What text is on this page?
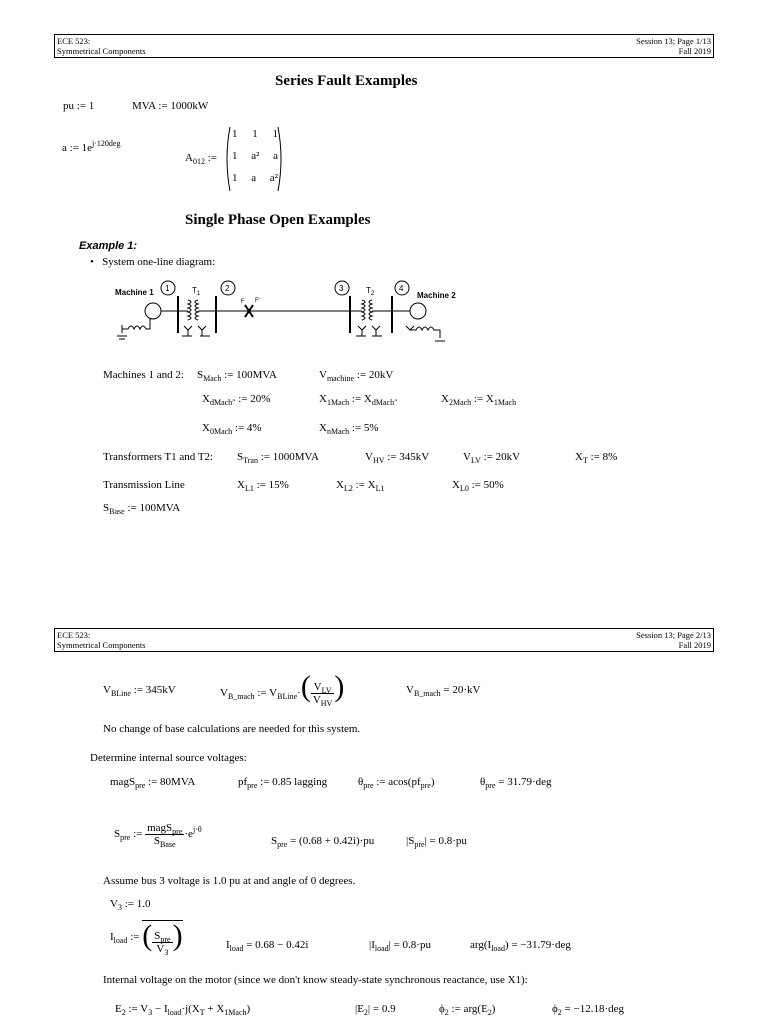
ECE 523:
Symmetrical Components
Session 13; Page 1/13
Fall 2019
Series Fault Examples
pu := 1	MVA := 1000kW
a := $1e^{j\cdot 120deg}$
$A_{012}$ :=
1 1 1
1 a² a
1 a a²
Single Phase Open Examples
Example 1:
• System one-line diagram:
Machine 1 1	$T_1$
2
F F'
3	$T_2$
4
Machine 2
Machines 1 and 2: $S_{Mach}$ := 100MVA	$V_{machine}$ := 20kV
$X_{dMach"}$ := 20%	$X_{1Mach}$ := $X_{dMach"}$	$X_{2Mach}$ := $X_{1Mach}$
$X_{0Mach}$ := 4%	$X_{nMach}$ := 5%
Transformers T1 and T2: $S_{Tran}$ := 1000MVA	$V_{HV}$ := 345kV	$V_{LV}$ := 20kV	$X_T$ := 8%
Transmission Line	$X_{L1}$ := 15%	$X_{L2}$ := $X_{L1}$	$X_{L0}$ := 50%
$S_{Base}$ := 100MVA
ECE 523:
Symmetrical Components
Session 13; Page 2/13
Fall 2019
$V_{BLine}$ := 345kV	$V_{B\_mach}$ := $V_{BLine}\cdot( \frac{V_{LV}}{V_{HV}}$ )	$V_{B\_mach} = 20\cdot kV$
No change of base calculations are needed for this system.
Determine internal source voltages:
magS$_{pre}$ := 80MVA	$pf_{pre}$ := 0.85 lagging	$\theta_{pre}$ := $acos(pf_{pre})$	$\theta_{pre} = 31.79\cdot deg$
$S_{pre}$ := $\frac{magS_{pre}}{S_{Base}} \cdot e^{j\cdot\theta}$
$S_{pre} = (0.68 + 0.42i)\cdot pu$	$|S_{pre}| = 0.8\cdot pu$
Assume bus 3 voltage is 1.0 pu at and angle of 0 degrees.
$V_3$ := 1.0
$I_{load}$ := ( $\frac{S_{pre}}{V_3}$ )	$I_{load} = 0.68 - 0.42i$	$|I_{load}| = 0.8\cdot pu$	$arg(I_{load}) = -31.79\cdot deg$
Internal voltage on the motor (since we don't know steady-state synchronous reactance, use X1):
$E_2$ := $V_3 - I_{load}\cdot j(X_T + X_{1Mach})$	$|E_2| = 0.9$	$\phi_2$ := $arg(E_2)$	$\phi_2 = -12.18\cdot deg$
